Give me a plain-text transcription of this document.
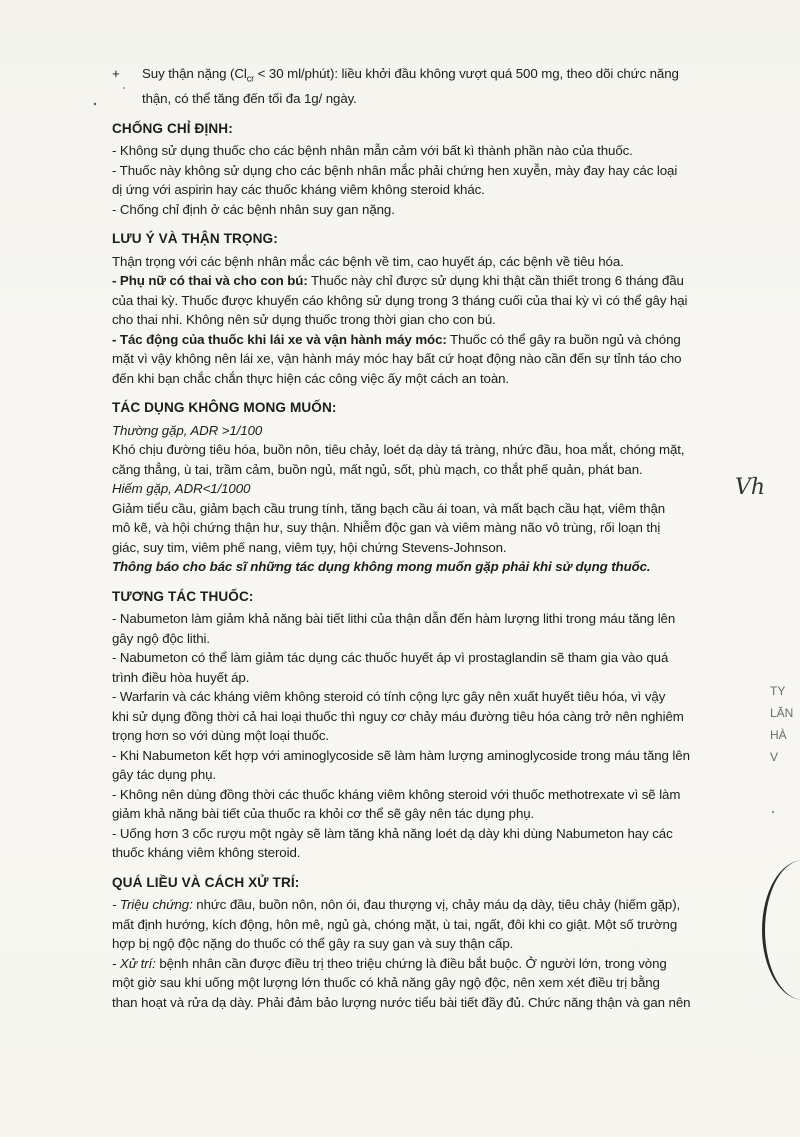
+ Suy thận nặng ($Cl_{cr} < 30$ ml/phút): liều khởi đầu không vượt quá 500 mg, theo dõi chức năng

thận, có thể tăng đến tối đa 1g/ ngày.

CHỐNG CHỈ ĐỊNH:

- Không sử dụng thuốc cho các bệnh nhân mẫn cảm với bất kì thành phần nào của thuốc.

- Thuốc này không sử dụng cho các bệnh nhân mắc phải chứng hen xuyễn, mày đay hay các loại

dị ứng với aspirin hay các thuốc kháng viêm không steroid khác.

- Chống chỉ định ở các bệnh nhân suy gan nặng.

LƯU Ý VÀ THẬN TRỌNG:

Thận trọng với các bệnh nhân mắc các bệnh về tim, cao huyết áp, các bệnh về tiêu hóa.

- Phụ nữ có thai và cho con bú: Thuốc này chỉ được sử dụng khi thật cần thiết trong 6 tháng đầu

của thai kỳ. Thuốc được khuyến cáo không sử dụng trong 3 tháng cuối của thai kỳ vì có thể gây hại

cho thai nhi. Không nên sử dụng thuốc trong thời gian cho con bú.

- Tác động của thuốc khi lái xe và vận hành máy móc: Thuốc có thể gây ra buồn ngủ và chóng

mặt vì vậy không nên lái xe, vận hành máy móc hay bất cứ hoạt động nào cần đến sự tỉnh táo cho

đến khi bạn chắc chắn thực hiện các công việc ấy một cách an toàn.

TÁC DỤNG KHÔNG MONG MUỐN:

Thường gặp, ADR >1/100

Khó chịu đường tiêu hóa, buồn nôn, tiêu chảy, loét dạ dày tá tràng, nhức đầu, hoa mắt, chóng mặt,

căng thẳng, ù tai, trầm cảm, buồn ngủ, mất ngủ, sốt, phù mạch, co thắt phế quản, phát ban.

Hiếm gặp, ADR<1/1000

Giảm tiểu cầu, giảm bạch cầu trung tính, tăng bạch cầu ái toan, và mất bạch cầu hạt, viêm thận

mô kẽ, và hội chứng thận hư, suy thận. Nhiễm độc gan và viêm màng não vô trùng, rối loạn thị

giác, suy tim, viêm phế nang, viêm tụy, hội chứng Stevens-Johnson.

Thông báo cho bác sĩ những tác dụng không mong muốn gặp phải khi sử dụng thuốc.

TƯƠNG TÁC THUỐC:

- Nabumeton làm giảm khả năng bài tiết lithi của thận dẫn đến hàm lượng lithi trong máu tăng lên

gây ngộ độc lithi.

- Nabumeton có thể làm giảm tác dụng các thuốc huyết áp vì prostaglandin sẽ tham gia vào quá

trình điều hòa huyết áp.

- Warfarin và các kháng viêm không steroid có tính cộng lực gây nên xuất huyết tiêu hóa, vì vậy

khi sử dụng đồng thời cả hai loại thuốc thì nguy cơ chảy máu đường tiêu hóa càng trở nên nghiêm

trọng hơn so với dùng một loại thuốc.

- Khi Nabumeton kết hợp với aminoglycoside sẽ làm hàm lượng aminoglycoside trong máu tăng lên

gây tác dụng phụ.

- Không nên dùng đồng thời các thuốc kháng viêm không steroid với thuốc methotrexate vì sẽ làm

giảm khả năng bài tiết của thuốc ra khỏi cơ thể sẽ gây nên tác dụng phụ.

- Uống hơn 3 cốc rượu một ngày sẽ làm tăng khả năng loét dạ dày khi dùng Nabumeton hay các

thuốc kháng viêm không steroid.

QUÁ LIỀU VÀ CÁCH XỬ TRÍ:

- Triệu chứng: nhức đầu, buồn nôn, nôn ói, đau thượng vị, chảy máu dạ dày, tiêu chảy (hiếm gặp),

mất định hướng, kích động, hôn mê, ngủ gà, chóng mặt, ù tai, ngất, đôi khi co giật. Một số trường

hợp bị ngộ độc nặng do thuốc có thể gây ra suy gan và suy thận cấp.

- Xử trí: bệnh nhân cần được điều trị theo triệu chứng là điều bắt buộc. Ở người lớn, trong vòng

một giờ sau khi uống một lượng lớn thuốc có khả năng gây ngộ độc, nên xem xét điều trị bằng

than hoạt và rửa dạ dày. Phải đảm bảo lượng nước tiểu bài tiết đầy đủ. Chức năng thận và gan nên

Vh
TY
LĂN
HÀ
V
